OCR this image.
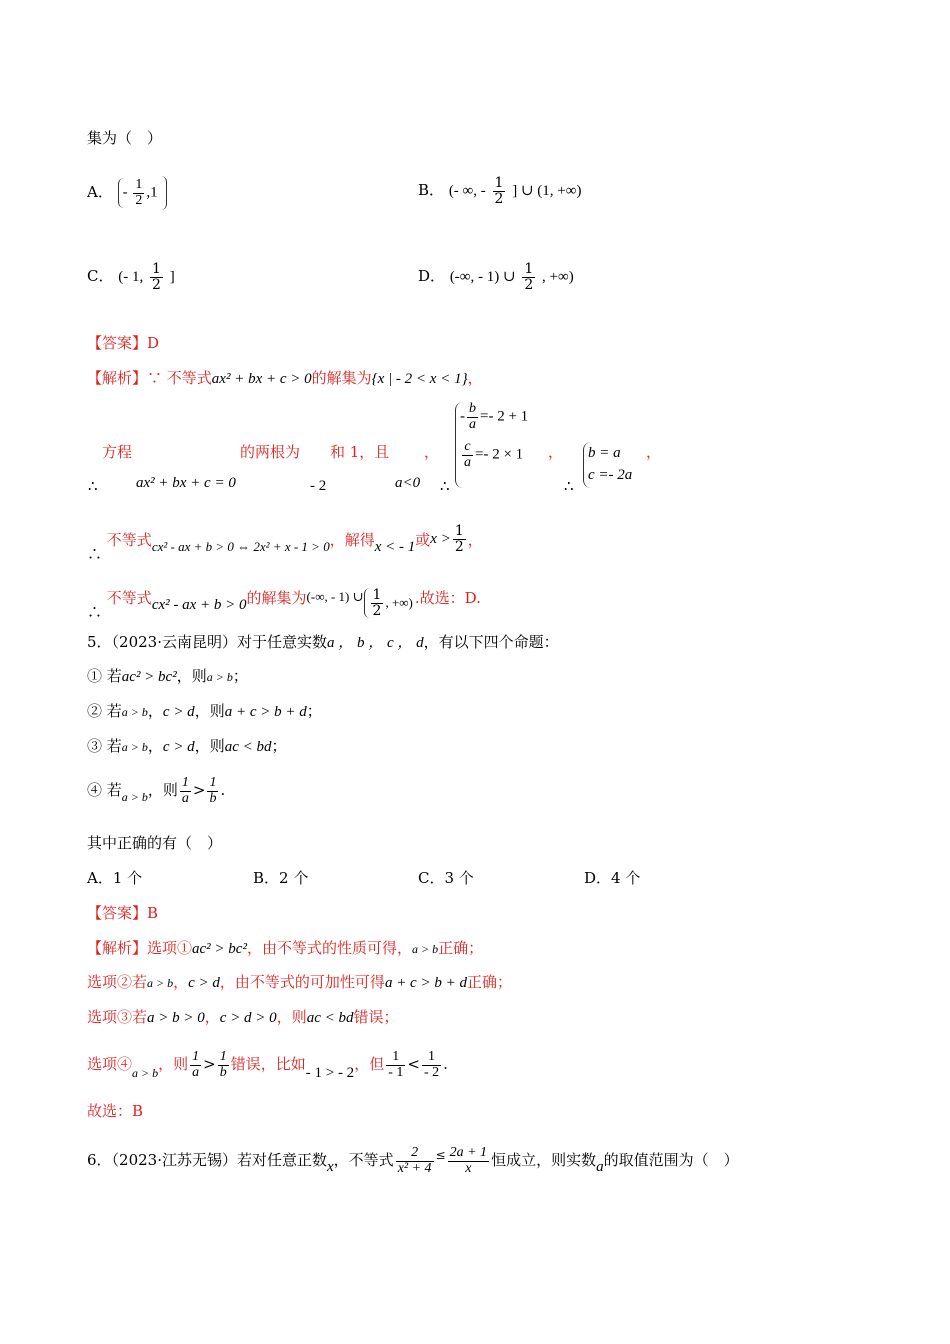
集为（　）
A． - $\frac{1}{2} ,1$	B． (- ∞, - $\frac{1}{2}$ ] ∪ (1, +∞)
C． (- 1, $\frac{1}{2}$ ]	D． (-∞, - 1) ∪ $\frac{1}{2}$ , +∞)
【答案】D
【解析】∵ 不等式ax² + bx + c > 0的解集为{x | - 2 < x < 1}，
方程
∴	ax² + bx + c = 0
的两根为
- 2
和 1，且
a<0
，
∴
- $\frac{b}{a} =- 2 + 1$
$\frac{c}{a} =- 2 \times 1$	，
∴
b = a
c =- 2a
，
∴ 不等式cx² - ax + b > 0 ⇔ 2x² + x - 1 > 0，解得x < - 1或$x > \frac{1}{2}$ ，
∴ 不等式cx² - ax + b > 0的解集为(-∞, - 1) ∪ $\frac{1}{2}$ , +∞) .故选：D.
5．（2023·云南昆明）对于任意实数a ， b ， c ， d，有以下四个命题：
① 若ac² > bc²，则a > b；
② 若a > b，c > d，则a + c > b + d；
③ 若a > b，c > d，则ac < bd；
④ 若$_{a > b}$，则 $\frac{1}{a} > \frac{1}{b}$ .
其中正确的有（　）
A．1 个	B．2 个	C．3 个	D．4 个
【答案】B
【解析】选项①ac² > bc²，由不等式的性质可得，a > b正确；
选项②若a > b，c > d，由不等式的可加性可得a + c > b + d正确；
选项③若a > b > 0，c > d > 0，则ac < bd错误；
选项$④_{a > b}$，则 $\frac{1}{a} > \frac{1}{b}$ 错误，比如- 1 > - 2，但 $\frac{1}{- 1} < \frac{1}{- 2}$ .
故选：B
6．（2023·江苏无锡）若对任意正数x，不等式 $\frac{2}{\text{x² + 4}} ^\le \frac{2a + 1}{x}$ 恒成立，则实数a的取值范围为（　）
